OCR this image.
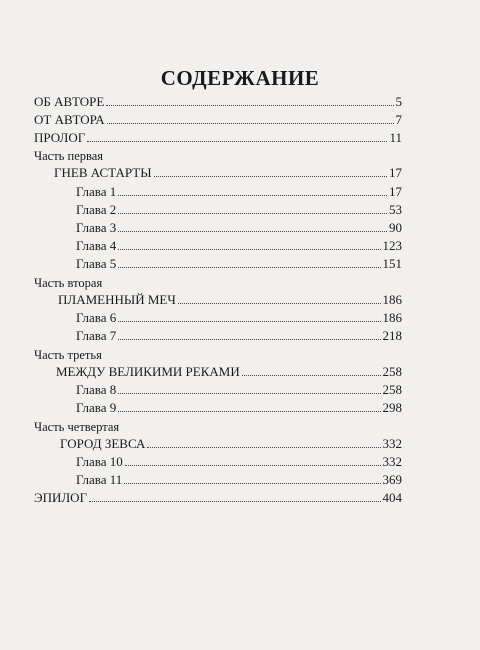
СОДЕРЖАНИЕ
ОБ АВТОРЕ	5
ОТ АВТОРА	7
ПРОЛОГ	11
Часть первая
ГНЕВ АСТАРТЫ	17
Глава 1	17
Глава 2	53
Глава 3	90
Глава 4	123
Глава 5	151
Часть вторая
ПЛАМЕННЫЙ МЕЧ	186
Глава 6	186
Глава 7	218
Часть третья
МЕЖДУ ВЕЛИКИМИ РЕКАМИ	258
Глава 8	258
Глава 9	298
Часть четвертая
ГОРОД ЗЕВСА	332
Глава 10	332
Глава 11	369
ЭПИЛОГ	404
